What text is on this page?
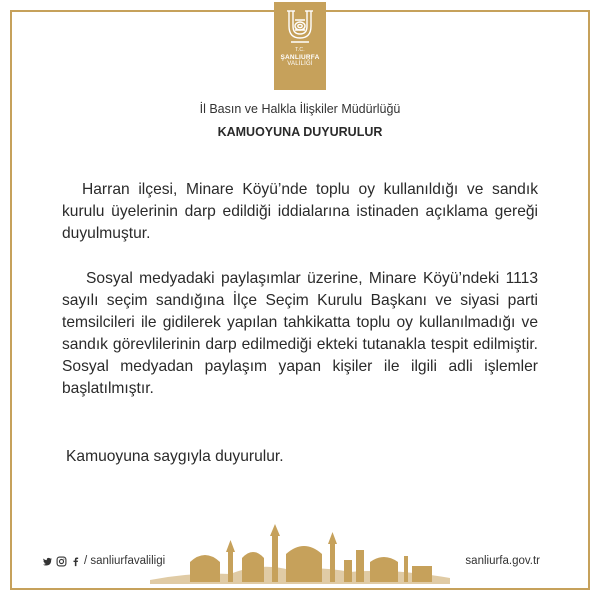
T.C.
ŞANLIURFA
VALİLİĞİ
İl Basın ve Halkla İlişkiler Müdürlüğü
KAMUOYUNA DUYURULUR
Harran ilçesi, Minare Köyü’nde toplu oy kullanıldığı ve sandık kurulu üyelerinin darp edildiği iddialarına istinaden açıklama gereği duyulmuştur.
Sosyal medyadaki paylaşımlar üzerine, Minare Köyü’ndeki 1113 sayılı seçim sandığına İlçe Seçim Kurulu Başkanı ve siyasi parti temsilcileri ile gidilerek yapılan tahkikatta toplu oy kullanılmadığı ve sandık görevlilerinin darp edilmediği ekteki tutanakla tespit edilmiştir. Sosyal medyadan paylaşım yapan kişiler ile ilgili adli işlemler başlatılmıştır.
Kamuoyuna saygıyla duyurulur.
/ sanliurfavaliligi	sanliurfa.gov.tr
